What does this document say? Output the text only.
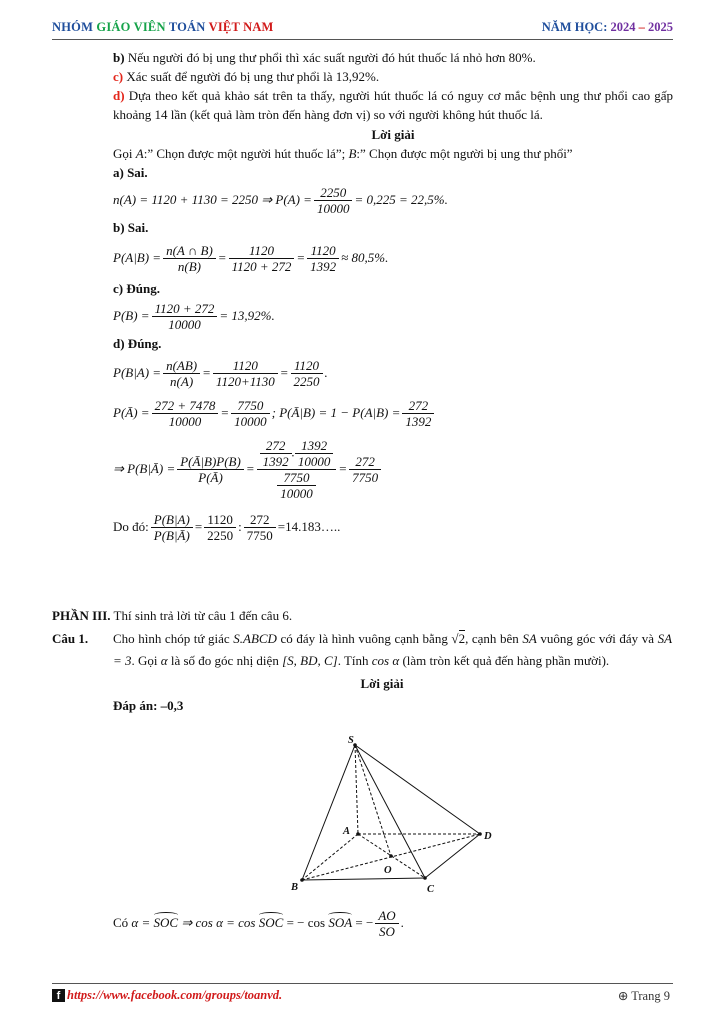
NHÓM GIÁO VIÊN TOÁN VIỆT NAM	NĂM HỌC: 2024 – 2025
b) Nếu người đó bị ung thư phổi thì xác suất người đó hút thuốc lá nhỏ hơn 80%.
c) Xác suất để người đó bị ung thư phổi là 13,92%.
d) Dựa theo kết quả khảo sát trên ta thấy, người hút thuốc lá có nguy cơ mắc bệnh ung thư phổi cao gấp khoảng 14 lần (kết quả làm tròn đến hàng đơn vị) so với người không hút thuốc lá.
Lời giải
Gọi A:” Chọn được một người hút thuốc lá”; B:” Chọn được một người bị ung thư phổi”
a) Sai.
n(A) = 1120 + 1130 = 2250 ⇒ $P(A) = \frac{2250}{10000} = 0,225 = 22,5\%$.
b) Sai.
$P(A|B) = \frac{n(A \cap B)}{n(B)} = \frac{1120}{1120 + 272} = \frac{1120}{1392} \approx 80,5\%$.
c) Đúng.
$P(B) = \frac{1120 + 272}{10000} = 13,92\%$.
d) Đúng.
$P(B|A) = \frac{n(AB)}{n(A)} = \frac{1120}{1120+1130} = \frac{1120}{2250}$ .
P(Ā) = $\frac{272 + 7478}{10000} = \frac{7750}{10000}$ ; P(Ā|B) = $1 - P(A|B) = \frac{272}{1392}$
⇒ P(B|Ā) = $\frac{P(Ā|B)P(B)}{P(Ā)} = \frac{\frac{272}{1392} . \frac{1392}{10000}}{\frac{7750}{10000}} = \frac{272}{7750}$
Do đó: $\frac{P(B|A)}{P(B|Ā)} = \frac{1120}{2250}$ : $\frac{272}{7750}$ =14.183…..
PHẦN III. Thí sinh trả lời từ câu 1 đến câu 6.
Câu 1.	Cho hình chóp tứ giác S.ABCD có đáy là hình vuông cạnh bằng √2, cạnh bên SA vuông góc với đáy và SA = 3. Gọi α là số đo góc nhị diện [S, BD, C]. Tính cos α (làm tròn kết quả đến hàng phần mười).
Lời giải
Đáp án: –0,3
S
A
B	C
D
O
Có
α =
SOC
⇒ cos α = cos
SOC
= − cos
SOA
= − $\frac{AO}{SO}$ .
f https://www.facebook.com/groups/toanvd.	⊕ Trang 9
